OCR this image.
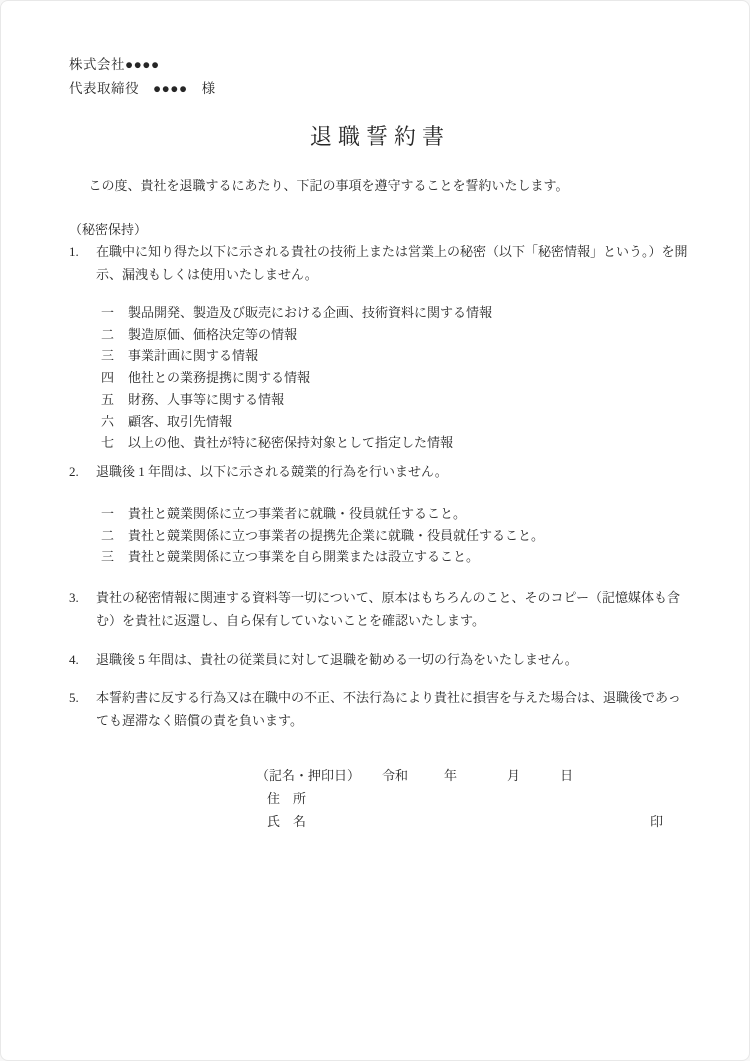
株式会社●●●●
代表取締役　●●●●　様
退職誓約書

この度、貴社を退職するにあたり、下記の事項を遵守することを誓約いたします。

（秘密保持）

1.	在職中に知り得た以下に示される貴社の技術上または営業上の秘密（以下「秘密情報」という。）を開示、漏洩もしくは使用いたしません。
一	製品開発、製造及び販売における企画、技術資料に関する情報
二	製造原価、価格決定等の情報
三	事業計画に関する情報
四	他社との業務提携に関する情報
五	財務、人事等に関する情報
六	顧客、取引先情報
七	以上の他、貴社が特に秘密保持対象として指定した情報
2.	退職後 1 年間は、以下に示される競業的行為を行いません。
一	貴社と競業関係に立つ事業者に就職・役員就任すること。
二	貴社と競業関係に立つ事業者の提携先企業に就職・役員就任すること。
三	貴社と競業関係に立つ事業を自ら開業または設立すること。
3.	貴社の秘密情報に関連する資料等一切について、原本はもちろんのこと、そのコピー（記憶媒体も含む）を貴社に返還し、自ら保有していないことを確認いたします。
4.	退職後 5 年間は、貴社の従業員に対して退職を勧める一切の行為をいたしません。
5.	本誓約書に反する行為又は在職中の不正、不法行為により貴社に損害を与えた場合は、退職後であっても遅滞なく賠償の責を負います。
（記名・押印日） 令和	年	月	日
住　所
氏　名	印
